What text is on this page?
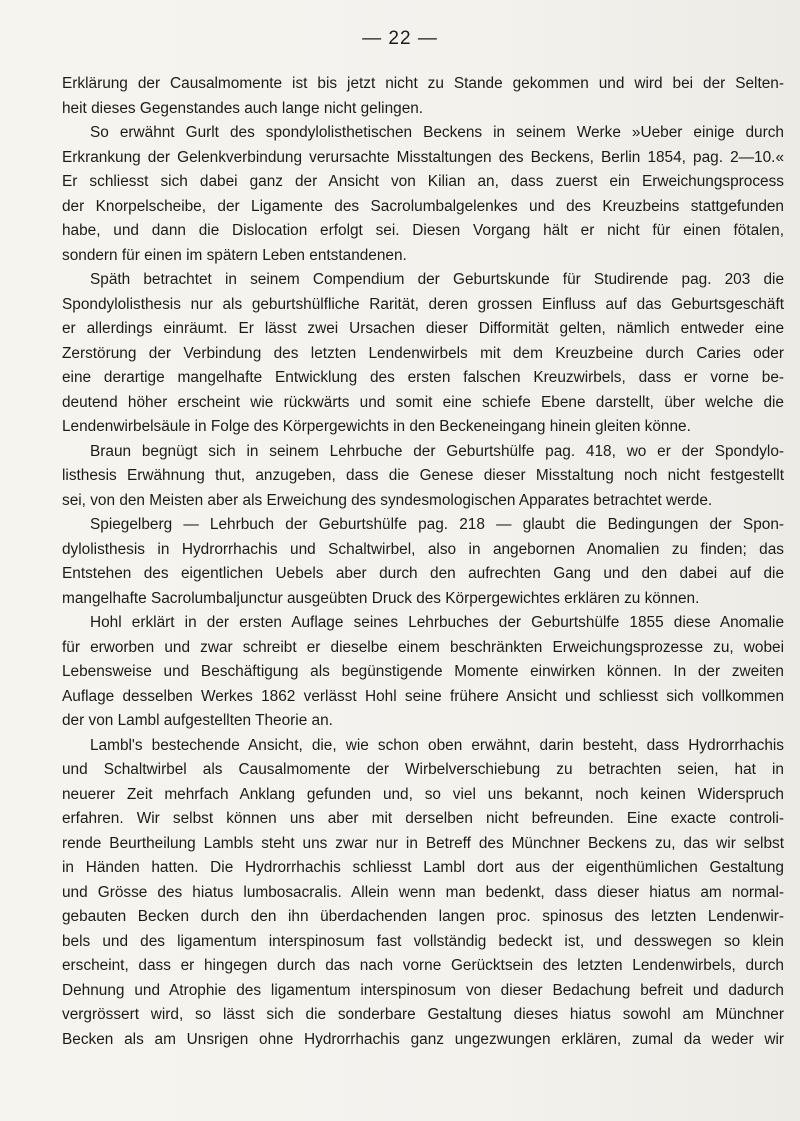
— 22 —
Erklärung der Causalmomente ist bis jetzt nicht zu Stande gekommen und wird bei der Selten-
heit dieses Gegenstandes auch lange nicht gelingen.
So erwähnt Gurlt des spondylolisthetischen Beckens in seinem Werke »Ueber einige durch
Erkrankung der Gelenkverbindung verursachte Misstaltungen des Beckens, Berlin 1854, pag. 2—10.«
Er schliesst sich dabei ganz der Ansicht von Kilian an, dass zuerst ein Erweichungsprocess
der Knorpelscheibe, der Ligamente des Sacrolumbalgelenkes und des Kreuzbeins stattgefunden
habe, und dann die Dislocation erfolgt sei. Diesen Vorgang hält er nicht für einen fötalen,
sondern für einen im spätern Leben entstandenen.
Späth betrachtet in seinem Compendium der Geburtskunde für Studirende pag. 203 die
Spondylolisthesis nur als geburtshülfliche Rarität, deren grossen Einfluss auf das Geburtsgeschäft
er allerdings einräumt. Er lässt zwei Ursachen dieser Difformität gelten, nämlich entweder eine
Zerstörung der Verbindung des letzten Lendenwirbels mit dem Kreuzbeine durch Caries oder
eine derartige mangelhafte Entwicklung des ersten falschen Kreuzwirbels, dass er vorne be-
deutend höher erscheint wie rückwärts und somit eine schiefe Ebene darstellt, über welche die
Lendenwirbelsäule in Folge des Körpergewichts in den Beckeneingang hinein gleiten könne.
Braun begnügt sich in seinem Lehrbuche der Geburtshülfe pag. 418, wo er der Spondylo-
listhesis Erwähnung thut, anzugeben, dass die Genese dieser Misstaltung noch nicht festgestellt
sei, von den Meisten aber als Erweichung des syndesmologischen Apparates betrachtet werde.
Spiegelberg — Lehrbuch der Geburtshülfe pag. 218 — glaubt die Bedingungen der Spon-
dylolisthesis in Hydrorrhachis und Schaltwirbel, also in angebornen Anomalien zu finden; das
Entstehen des eigentlichen Uebels aber durch den aufrechten Gang und den dabei auf die
mangelhafte Sacrolumbaljunctur ausgeübten Druck des Körpergewichtes erklären zu können.
Hohl erklärt in der ersten Auflage seines Lehrbuches der Geburtshülfe 1855 diese Anomalie
für erworben und zwar schreibt er dieselbe einem beschränkten Erweichungsprozesse zu, wobei
Lebensweise und Beschäftigung als begünstigende Momente einwirken können. In der zweiten
Auflage desselben Werkes 1862 verlässt Hohl seine frühere Ansicht und schliesst sich vollkommen
der von Lambl aufgestellten Theorie an.
Lambl's bestechende Ansicht, die, wie schon oben erwähnt, darin besteht, dass Hydrorrhachis
und Schaltwirbel als Causalmomente der Wirbelverschiebung zu betrachten seien, hat in
neuerer Zeit mehrfach Anklang gefunden und, so viel uns bekannt, noch keinen Widerspruch
erfahren. Wir selbst können uns aber mit derselben nicht befreunden. Eine exacte controli-
rende Beurtheilung Lambls steht uns zwar nur in Betreff des Münchner Beckens zu, das wir selbst
in Händen hatten. Die Hydrorrhachis schliesst Lambl dort aus der eigenthümlichen Gestaltung
und Grösse des hiatus lumbosacralis. Allein wenn man bedenkt, dass dieser hiatus am normal-
gebauten Becken durch den ihn überdachenden langen proc. spinosus des letzten Lendenwir-
bels und des ligamentum interspinosum fast vollständig bedeckt ist, und desswegen so klein
erscheint, dass er hingegen durch das nach vorne Gerücktsein des letzten Lendenwirbels, durch
Dehnung und Atrophie des ligamentum interspinosum von dieser Bedachung befreit und dadurch
vergrössert wird, so lässt sich die sonderbare Gestaltung dieses hiatus sowohl am Münchner
Becken als am Unsrigen ohne Hydrorrhachis ganz ungezwungen erklären, zumal da weder wir
